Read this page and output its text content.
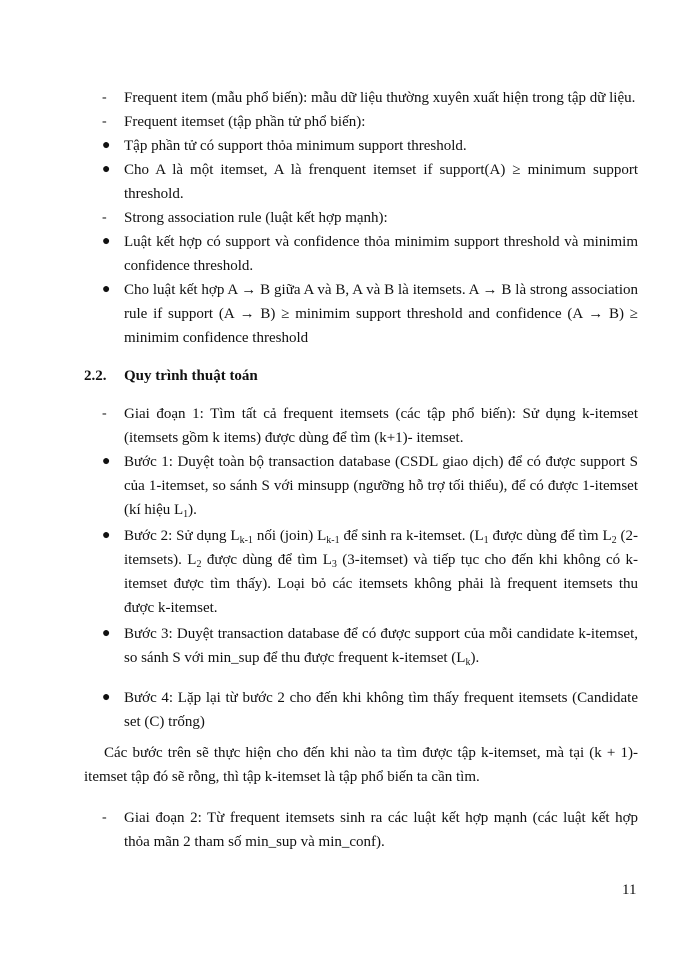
-	Frequent item (mẫu phổ biến): mẫu dữ liệu thường xuyên xuất hiện trong tập dữ liệu.
-	Frequent itemset (tập phần tử phổ biến):
● Tập phần tử có support thỏa minimum support threshold.
● Cho A là một itemset, A là frenquent itemset if support(A) ≥ minimum support threshold.
-	Strong association rule (luật kết hợp mạnh):
● Luật kết hợp có support và confidence thỏa minimim support threshold và minimim confidence threshold.
● Cho luật kết hợp A → B giữa A và B, A và B là itemsets. A → B là strong association rule if support (A → B) ≥ minimim support threshold and confidence (A → B) ≥ minimim confidence threshold
2.2. Quy trình thuật toán
-	Giai đoạn 1: Tìm tất cả frequent itemsets (các tập phổ biến): Sử dụng k-itemset (itemsets gồm k items) được dùng để tìm (k+1)- itemset.
● Bước 1: Duyệt toàn bộ transaction database (CSDL giao dịch) để có được support S của 1-itemset, so sánh S với minsupp (ngưỡng hỗ trợ tối thiểu), để có được 1-itemset (kí hiệu $L_1$).
● Bước 2: Sử dụng $L_{k-1}$ nối (join) $L_{k-1}$ để sinh ra k-itemset. ($L_1$ được dùng để tìm $L_2$ (2-itemsets). $L_2$ được dùng để tìm $L_3$ (3-itemset) và tiếp tục cho đến khi không có k-itemset được tìm thấy). Loại bỏ các itemsets không phải là frequent itemsets thu được k-itemset.
● Bước 3: Duyệt transaction database để có được support của mỗi candidate k-itemset, so sánh S với min_sup để thu được frequent k-itemset $(L_k)$.
● Bước 4: Lặp lại từ bước 2 cho đến khi không tìm thấy frequent itemsets (Candidate set (C) trống)
Các bước trên sẽ thực hiện cho đến khi nào ta tìm được tập k-itemset, mà tại (k + 1)-itemset tập đó sẽ rỗng, thì tập k-itemset là tập phổ biến ta cần tìm.
-	Giai đoạn 2: Từ frequent itemsets sinh ra các luật kết hợp mạnh (các luật kết hợp thỏa mãn 2 tham số min_sup và min_conf).
11
